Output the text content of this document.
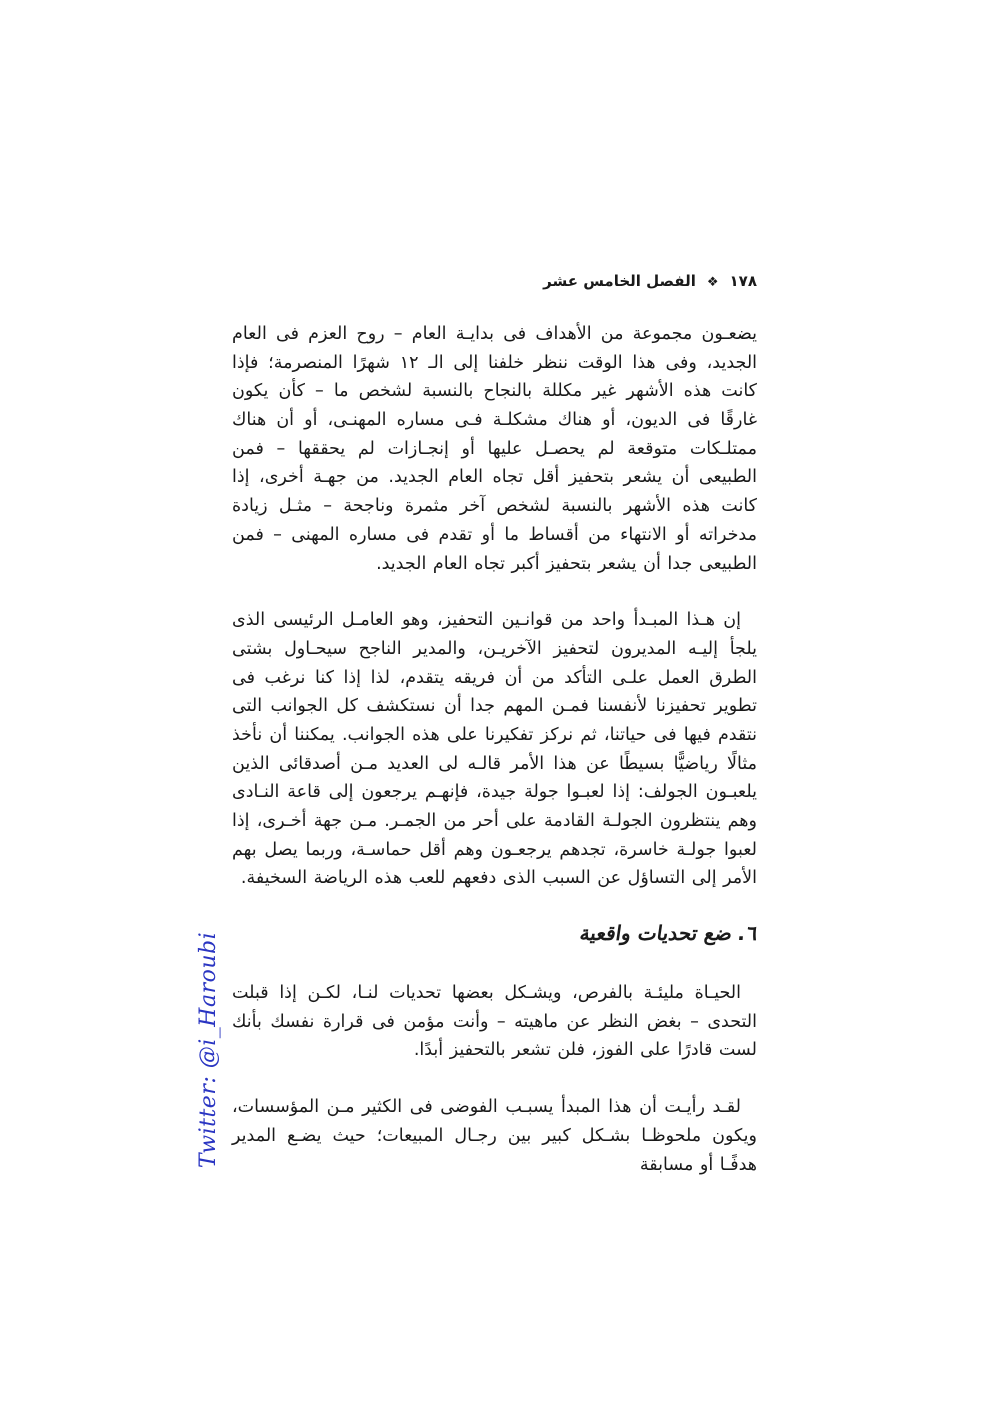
١٧٨
❖
الفصل الخامس عشر

يضعـون مجموعة من الأهداف فى بدايـة العام – روح العزم فى العام الجديد، وفى هذا الوقت ننظر خلفنا إلى الـ ١٢ شهرًا المنصرمة؛ فإذا كانت هذه الأشهر غير مكللة بالنجاح بالنسبة لشخص ما – كأن يكون غارقًا فى الديون، أو هناك مشكلـة فـى مساره المهنـى، أو أن هناك ممتلـكات متوقعة لم يحصـل عليها أو إنجـازات لم يحققها – فمن الطبيعى أن يشعر بتحفيز أقل تجاه العام الجديد. من جهـة أخرى، إذا كانت هذه الأشهر بالنسبة لشخص آخر مثمرة وناجحة – مثـل زيادة مدخراته أو الانتهاء من أقساط ما أو تقدم فى مساره المهنى – فمن الطبيعى جدا أن يشعر بتحفيز أكبر تجاه العام الجديد.

إن هـذا المبـدأ واحد من قوانـين التحفيز، وهو العامـل الرئيسى الذى يلجأ إليـه المديرون لتحفيز الآخريـن، والمدير الناجح سيحـاول بشتى الطرق العمل علـى التأكد من أن فريقه يتقدم، لذا إذا كنا نرغب فى تطوير تحفيزنا لأنفسنا فمـن المهم جدا أن نستكشف كل الجوانب التى نتقدم فيها فى حياتنا، ثم نركز تفكيرنا على هذه الجوانب. يمكننا أن نأخذ مثالًا رياضيًّا بسيطًا عن هذا الأمر قالـه لى العديد مـن أصدقائى الذين يلعبـون الجولف: إذا لعبـوا جولة جيدة، فإنهـم يرجعون إلى قاعة النـادى وهم ينتظرون الجولـة القادمة على أحر من الجمـر. مـن جهة أخـرى، إذا لعبوا جولـة خاسرة، تجدهم يرجعـون وهم أقل حماسـة، وربما يصل بهم الأمر إلى التساؤل عن السبب الذى دفعهم للعب هذه الرياضة السخيفة.

٦. ضع تحديات واقعية

الحيـاة مليئـة بالفرص، ويشـكل بعضها تحديات لنـا، لكـن إذا قبلت التحدى – بغض النظر عن ماهيته – وأنت مؤمن فى قرارة نفسك بأنك لست قادرًا على الفوز، فلن تشعر بالتحفيز أبدًا.

لقـد رأيـت أن هذا المبدأ يسبـب الفوضى فى الكثير مـن المؤسسات، ويكون ملحوظـا بشـكل كبير بين رجـال المبيعات؛ حيث يضـع المدير هدفًـا أو مسابقة

Twitter: @i_Haroubi
